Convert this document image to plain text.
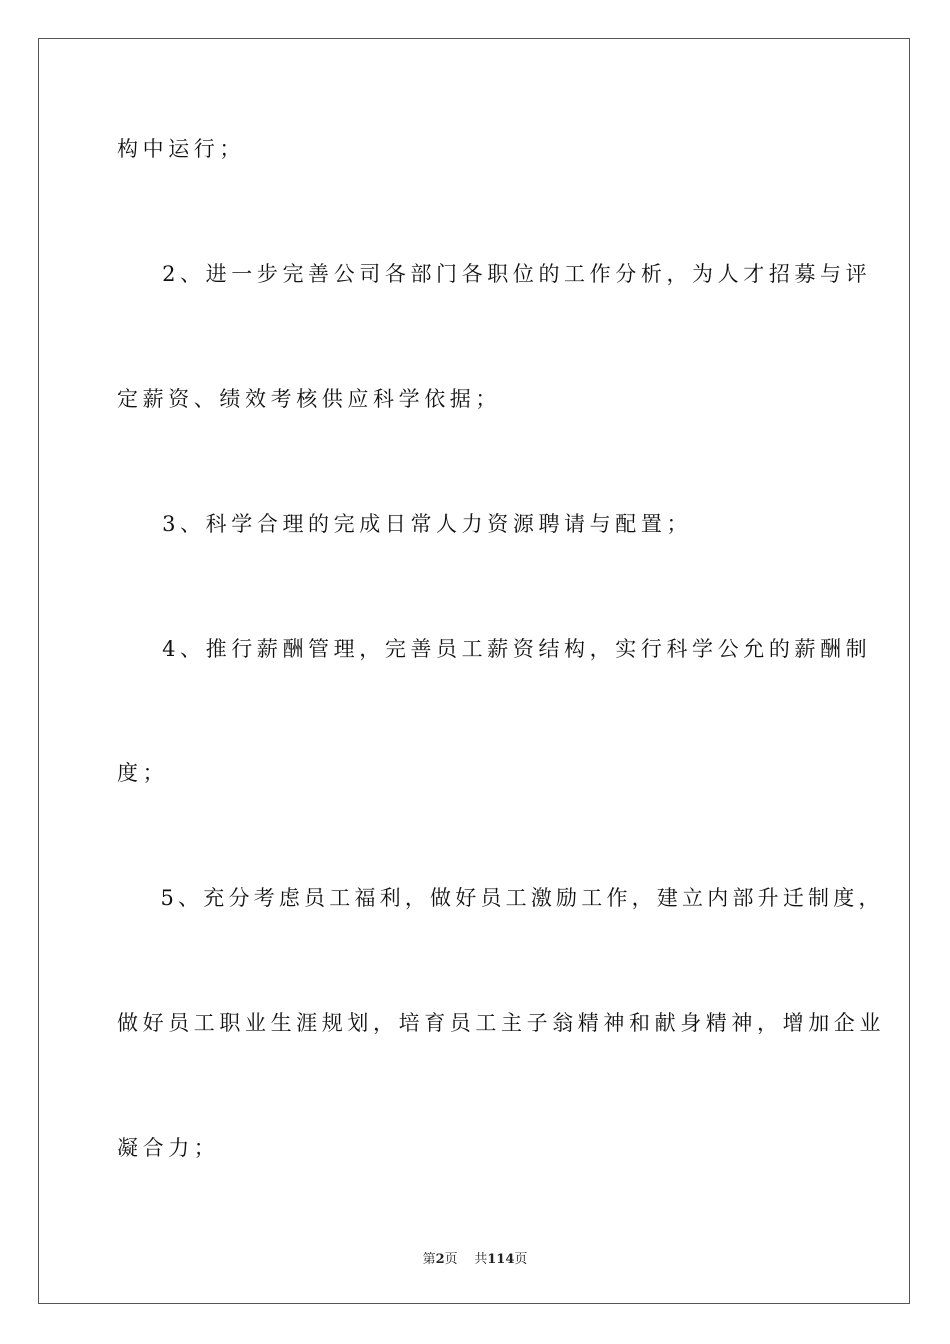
构中运行；
2、进一步完善公司各部门各职位的工作分析，为人才招募与评
定薪资、绩效考核供应科学依据；
3、科学合理的完成日常人力资源聘请与配置；
4、推行薪酬管理，完善员工薪资结构，实行科学公允的薪酬制
度；
5、充分考虑员工福利，做好员工激励工作，建立内部升迁制度，
做好员工职业生涯规划，培育员工主子翁精神和献身精神，增加企业
凝合力；
第2页 共114页
